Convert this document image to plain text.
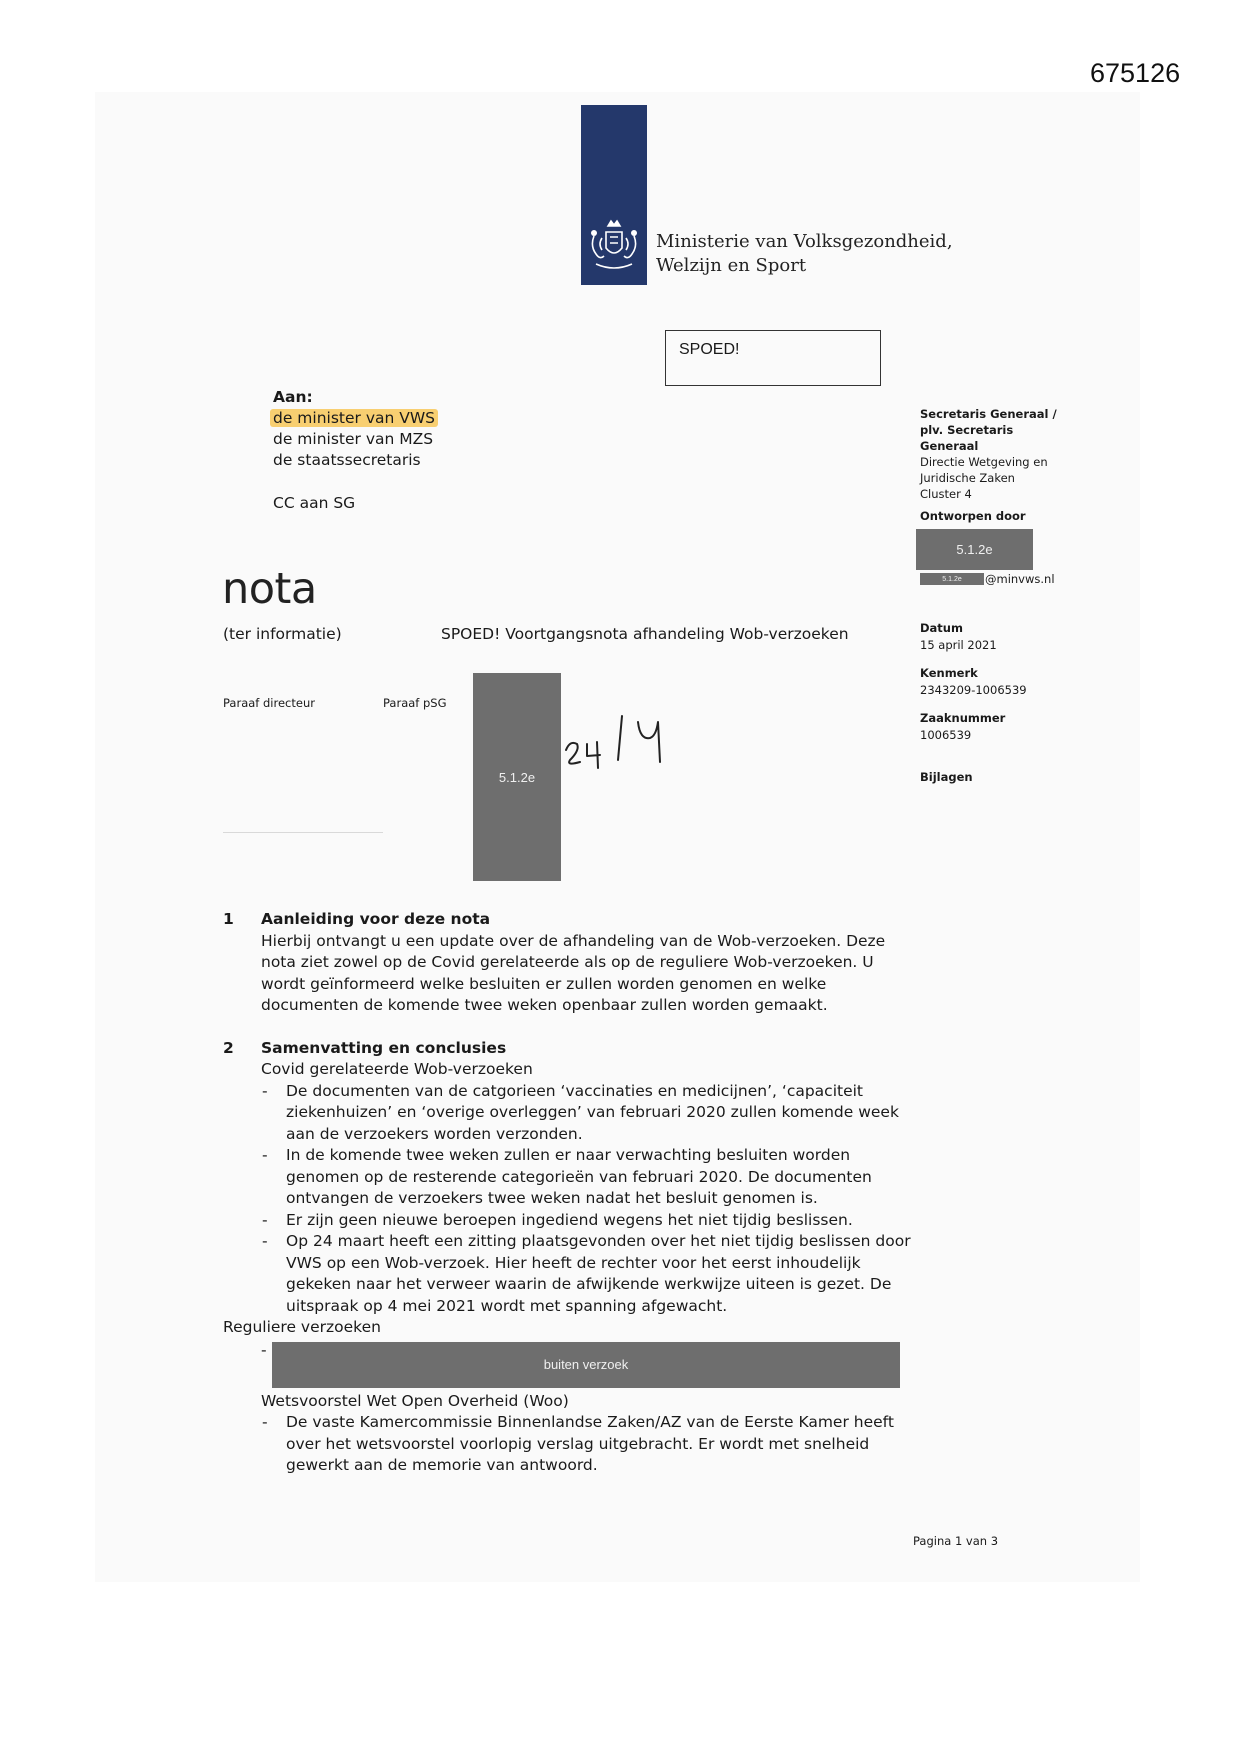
675126
Ministerie van Volksgezondheid,
Welzijn en Sport
SPOED!
Aan:
de minister van VWS
de minister van MZS
de staatssecretaris
CC aan SG
nota
(ter informatie)	SPOED! Voortgangsnota afhandeling Wob-verzoeken
Paraaf directeur	Paraaf pSG
5.1.2e
Secretaris Generaal /
plv. Secretaris
Generaal
Directie Wetgeving en
Juridische Zaken
Cluster 4
Ontworpen door
5.1.2e
5.1.2e	@minvws.nl
Datum
15 april 2021
Kenmerk
2343209-1006539
Zaaknummer
1006539
Bijlagen
1 Aanleiding voor deze nota

Hierbij ontvangt u een update over de afhandeling van de Wob-verzoeken. Deze nota ziet zowel op de Covid gerelateerde als op de reguliere Wob-verzoeken. U wordt geïnformeerd welke besluiten er zullen worden genomen en welke documenten de komende twee weken openbaar zullen worden gemaakt.

2 Samenvatting en conclusies

Covid gerelateerde Wob-verzoeken

- De documenten van de catgorieen ‘vaccinaties en medicijnen’, ‘capaciteit ziekenhuizen’ en ‘overige overleggen’ van februari 2020 zullen komende week aan de verzoekers worden verzonden.
- In de komende twee weken zullen er naar verwachting besluiten worden genomen op de resterende categorieën van februari 2020. De documenten ontvangen de verzoekers twee weken nadat het besluit genomen is.
- Er zijn geen nieuwe beroepen ingediend wegens het niet tijdig beslissen.
- Op 24 maart heeft een zitting plaatsgevonden over het niet tijdig beslissen door VWS op een Wob-verzoek. Hier heeft de rechter voor het eerst inhoudelijk gekeken naar het verweer waarin de afwijkende werkwijze uiteen is gezet. De uitspraak op 4 mei 2021 wordt met spanning afgewacht.
Reguliere verzoeken
-
buiten verzoek
Wetsvoorstel Wet Open Overheid (Woo)
- De vaste Kamercommissie Binnenlandse Zaken/AZ van de Eerste Kamer heeft over het wetsvoorstel voorlopig verslag uitgebracht. Er wordt met snelheid gewerkt aan de memorie van antwoord.
Pagina 1 van 3
